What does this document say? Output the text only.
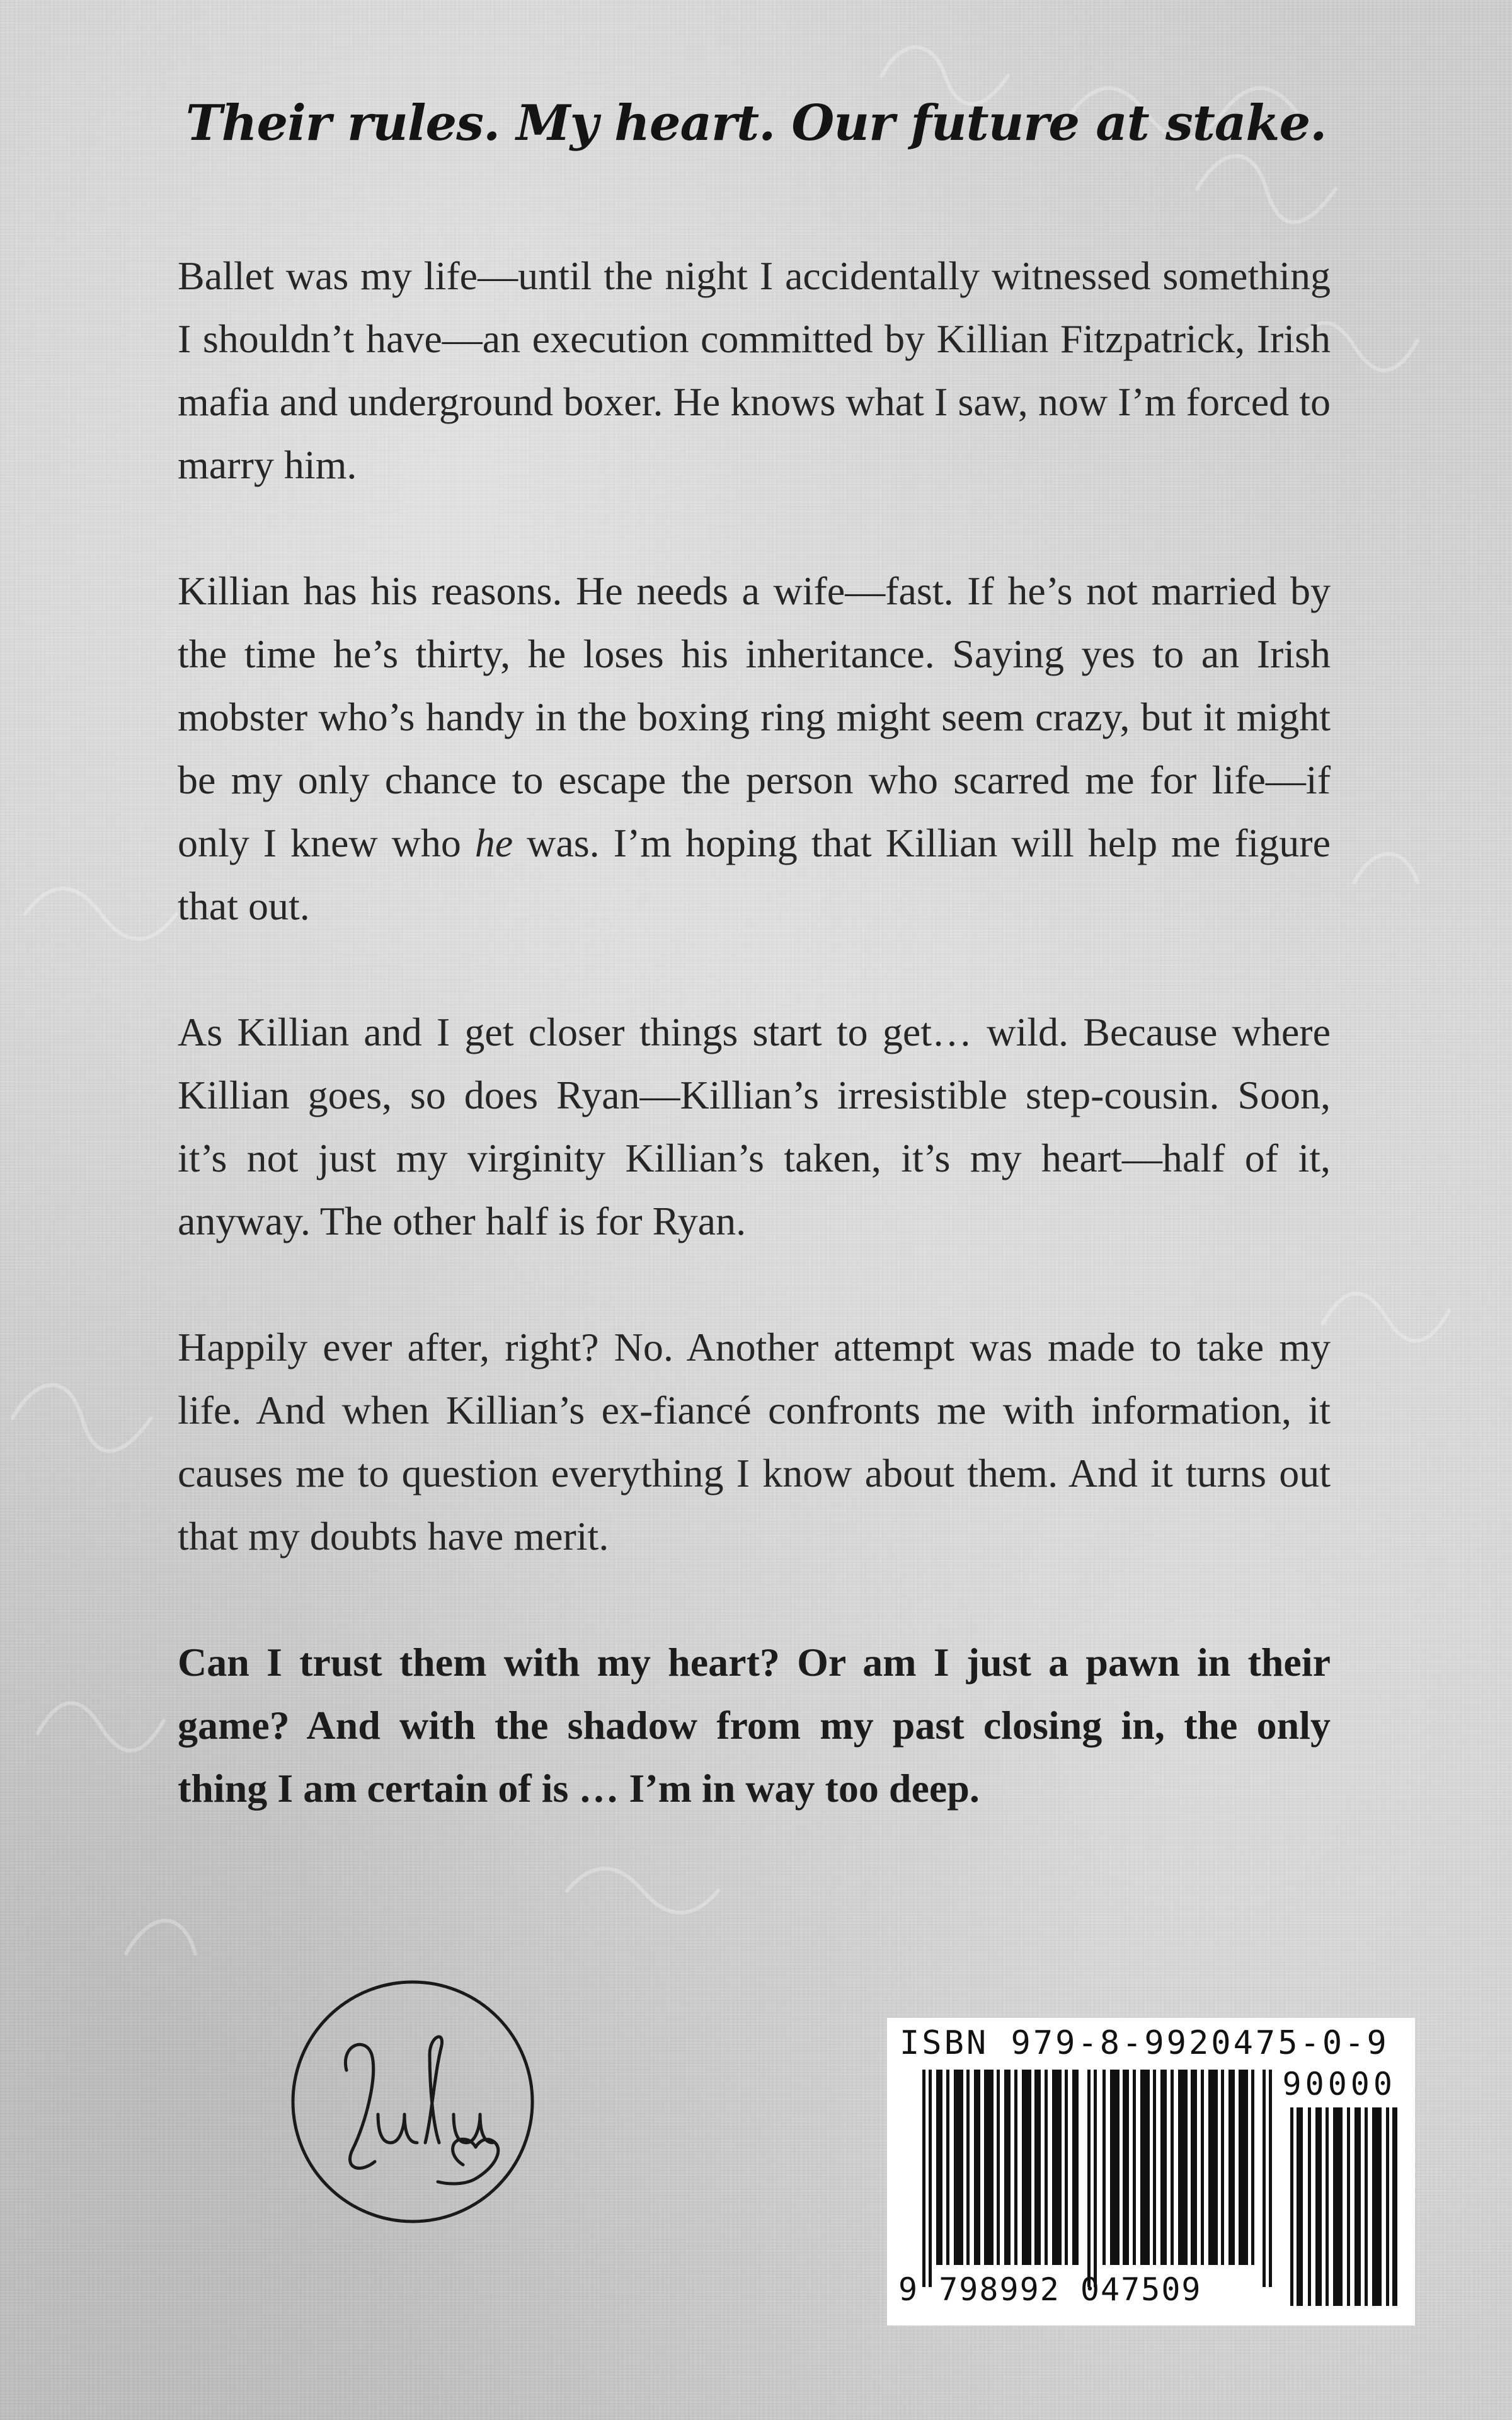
Their rules. My heart. Our future at stake.

Ballet was my life—until the night I accidentally witnessed something I shouldn’t have—an execution committed by Killian Fitzpatrick, Irish mafia and underground boxer. He knows what I saw, now I’m forced to marry him.

Killian has his reasons. He needs a wife—fast. If he’s not married by the time he’s thirty, he loses his inheritance. Saying yes to an Irish mobster who’s handy in the boxing ring might seem crazy, but it might be my only chance to escape the person who scarred me for life—if only I knew who he was. I’m hoping that Killian will help me figure that out.

As Killian and I get closer things start to get… wild. Because where Killian goes, so does Ryan—Killian’s irresistible step-cousin. Soon, it’s not just my virginity Killian’s taken, it’s my heart—half of it, anyway. The other half is for Ryan.

Happily ever after, right? No. Another attempt was made to take my life. And when Killian’s ex-fiancé confronts me with information, it causes me to question everything I know about them. And it turns out that my doubts have merit.

Can I trust them with my heart? Or am I just a pawn in their game? And with the shadow from my past closing in, the only thing I am certain of is … I’m in way too deep.

ISBN 979-8-9920475-0-9
90000
9 798992 047509
